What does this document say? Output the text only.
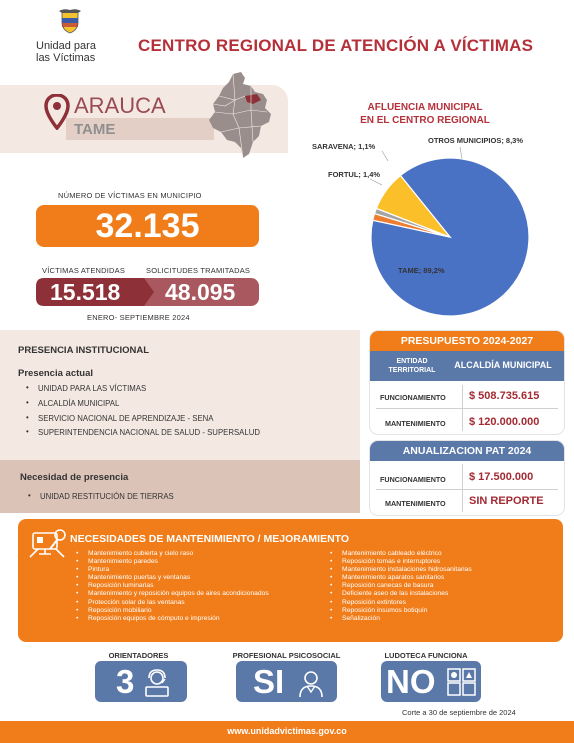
Unidad para
las Víctimas
CENTRO REGIONAL DE ATENCIÓN A VÍCTIMAS
ARAUCA
TAME
NÚMERO DE VÍCTIMAS EN MUNICIPIO
32.135
VÍCTIMAS ATENDIDAS	SOLICITUDES TRAMITADAS
15.518 48.095
ENERO- SEPTIEMBRE 2024
AFLUENCIA MUNICIPAL
EN EL CENTRO REGIONAL
TAME; 89,2%
FORTUL; 1,4%
SARAVENA; 1,1%
OTROS MUNICIPIOS; 8,3%
PRESENCIA INSTITUCIONAL
Presencia actual
• UNIDAD PARA LAS VÍCTIMAS
• ALCALDÍA MUNICIPAL
• SERVICIO NACIONAL DE APRENDIZAJE - SENA
• SUPERINTENDENCIA NACIONAL DE SALUD - SUPERSALUD
Necesidad de presencia
• UNIDAD RESTITUCIÓN DE TIERRAS
PRESUPUESTO 2024-2027
ENTIDAD
TERRITORIAL
ALCALDÍA MUNICIPAL
FUNCIONAMIENTO $ 508.735.615
MANTENIMIENTO $ 120.000.000
ANUALIZACION PAT 2024
FUNCIONAMIENTO $ 17.500.000
MANTENIMIENTO SIN REPORTE
NECESIDADES DE MANTENIMIENTO / MEJORAMIENTO
• Mantenimiento cubierta y cielo raso
• Mantenimiento paredes
• Pintura
• Mantenimiento puertas y ventanas
• Reposición luminarias
• Mantenimiento y reposición equipos de aires acondicionados
• Protección solar de las ventanas
• Reposición mobiliario
• Reposición equipos de cómputo e impresión
• Mantenimiento cableado eléctrico
• Reposición tomas e interruptores
• Mantenimiento instalaciones hidrosanitarias
• Mantenimiento aparatos sanitarios
• Reposición canecas de basura
• Deficiente aseo de las instalaciones
• Reposición extintores
• Reposición insumos botiquín
• Señalización
ORIENTADORES
3
PROFESIONAL PSICOSOCIAL
SI
LUDOTECA FUNCIONA
NO
Corte a 30 de septiembre de 2024
www.unidadvictimas.gov.co
